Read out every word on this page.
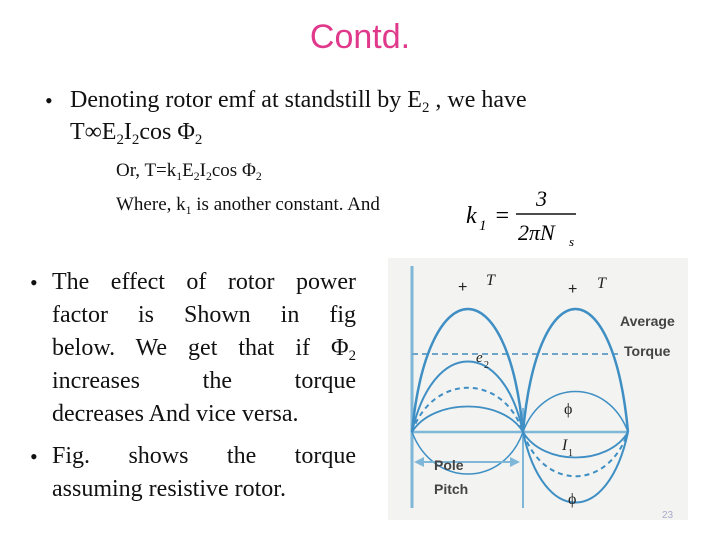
Contd.
• Denoting rotor emf at standstill by $E_2$ , we have
$T\infty E_2I_2\cos$ $\Phi_2$
Or, $T=k_1E_2I_2\cos$ $\Phi_2$
Where, $k_1$ is another constant. And	k 1 =
3
2πN s
• The effect of rotor power
factor is Shown in fig
below. We get that if $\Phi_2$
increases the torque
decreases And vice versa.
• Fig. shows the torque
assuming resistive rotor.
+ T
+ T
e 2
ϕ
I 1
ϕ
Average
Torque
Pole
Pitch
23
